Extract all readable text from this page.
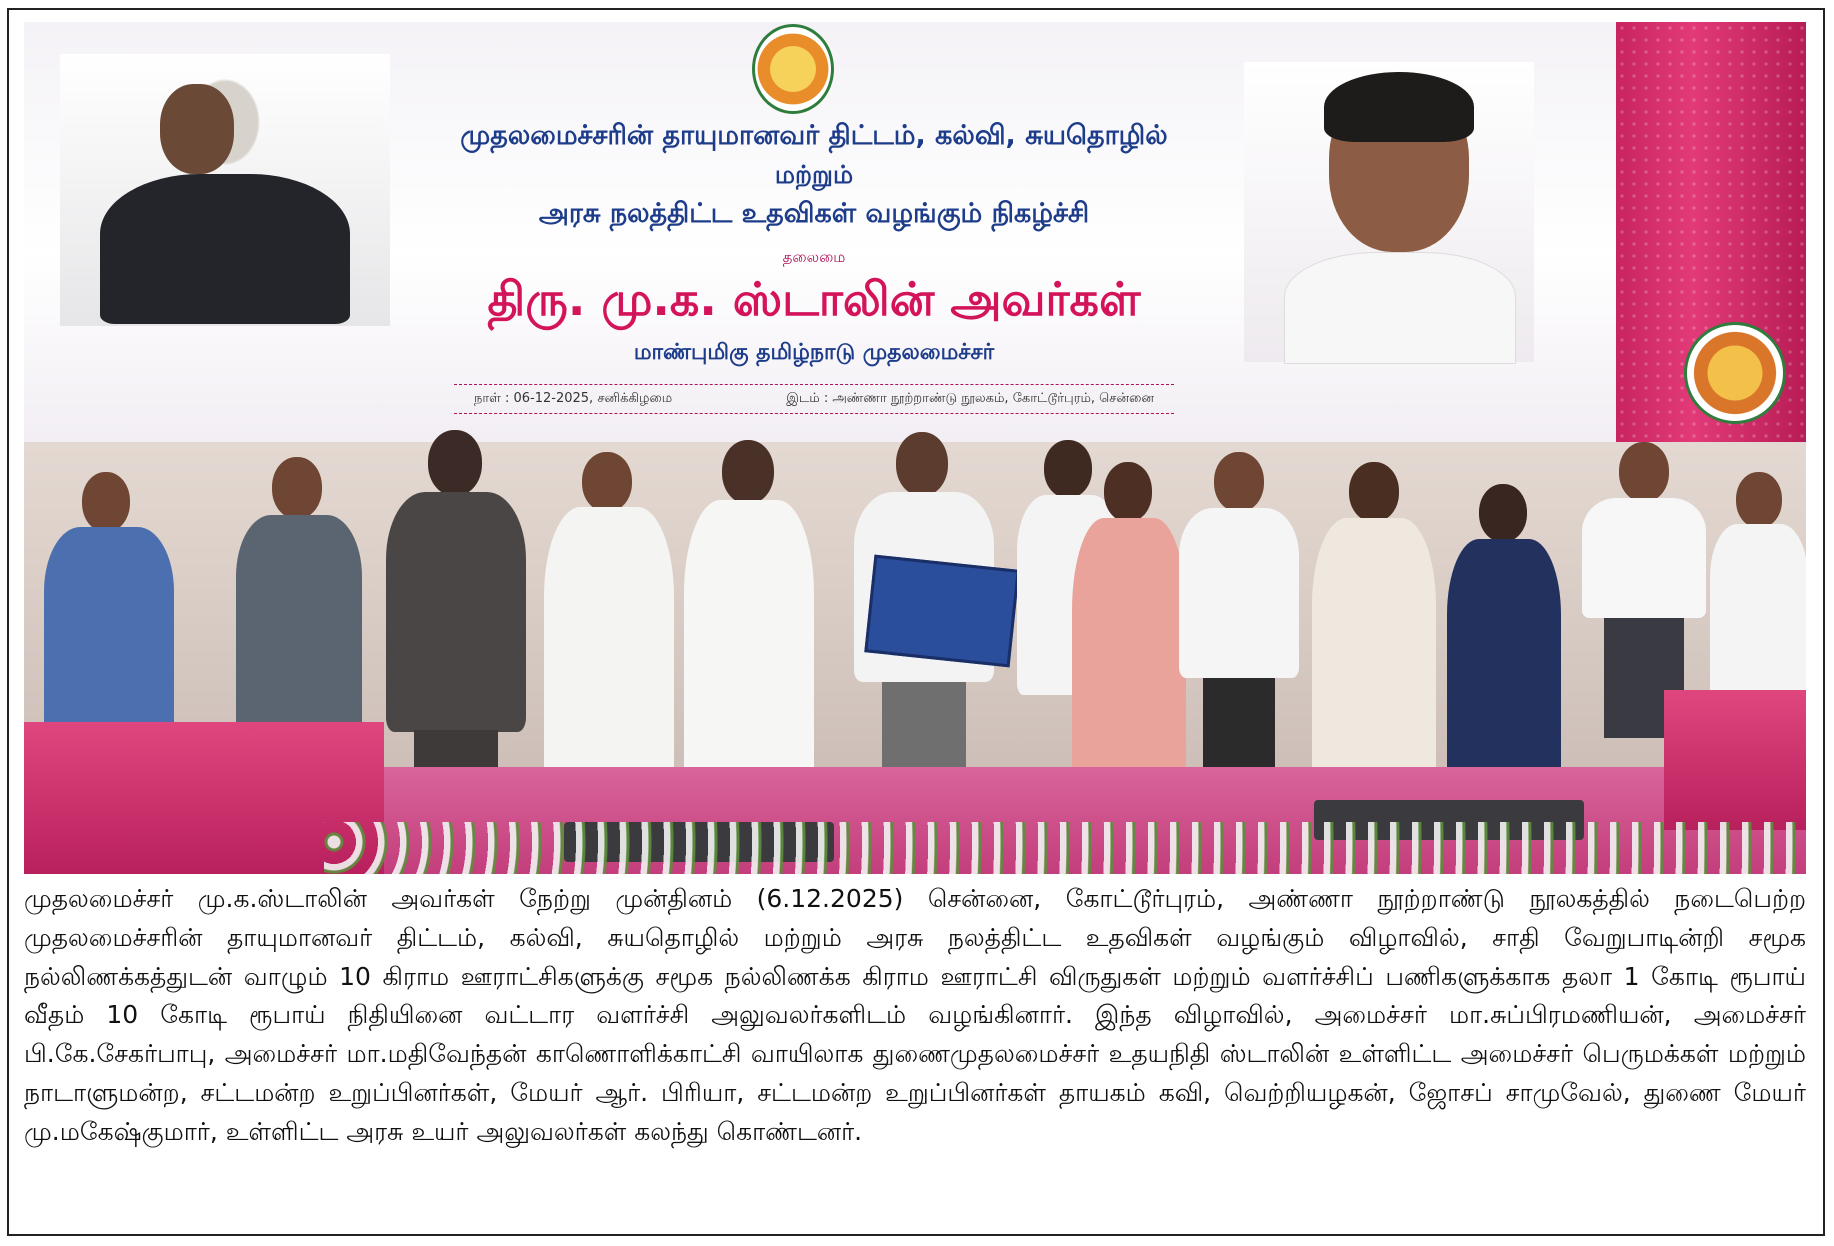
முதலமைச்சரின் தாயுமானவர் திட்டம், கல்வி, சுயதொழில்
மற்றும்
அரசு நலத்திட்ட உதவிகள் வழங்கும் நிகழ்ச்சி
தலைமை
திரு. மு.க. ஸ்டாலின் அவர்கள்
மாண்புமிகு தமிழ்நாடு முதலமைச்சர்
நாள் : 06-12-2025, சனிக்கிழமை	இடம் : அண்ணா நூற்றாண்டு நூலகம், கோட்டூர்புரம், சென்னை
முதலமைச்சர் மு.க.ஸ்டாலின் அவர்கள் நேற்று முன்தினம் (6.12.2025) சென்னை, கோட்டூர்புரம், அண்ணா நூற்றாண்டு நூலகத்தில் நடைபெற்ற முதலமைச்சரின் தாயுமானவர் திட்டம், கல்வி, சுயதொழில் மற்றும் அரசு நலத்திட்ட உதவிகள் வழங்கும் விழாவில், சாதி வேறுபாடின்றி சமூக நல்லிணக்கத்துடன் வாழும் 10 கிராம ஊராட்சிகளுக்கு சமூக நல்லிணக்க கிராம ஊராட்சி விருதுகள் மற்றும் வளர்ச்சிப் பணிகளுக்காக தலா 1 கோடி ரூபாய் வீதம் 10 கோடி ரூபாய் நிதியினை வட்டார வளர்ச்சி அலுவலர்களிடம் வழங்கினார். இந்த விழாவில், அமைச்சர் மா.சுப்பிரமணியன், அமைச்சர் பி.கே.சேகர்பாபு, அமைச்சர் மா.மதிவேந்தன் காணொளிக்காட்சி வாயிலாக துணைமுதலமைச்சர் உதயநிதி ஸ்டாலின் உள்ளிட்ட அமைச்சர் பெருமக்கள் மற்றும் நாடாளுமன்ற, சட்டமன்ற உறுப்பினர்கள், மேயர் ஆர். பிரியா, சட்டமன்ற உறுப்பினர்கள் தாயகம் கவி, வெற்றியழகன், ஜோசப் சாமுவேல், துணை மேயர் மு.மகேஷ்குமார், உள்ளிட்ட அரசு உயர் அலுவலர்கள் கலந்து கொண்டனர்.
